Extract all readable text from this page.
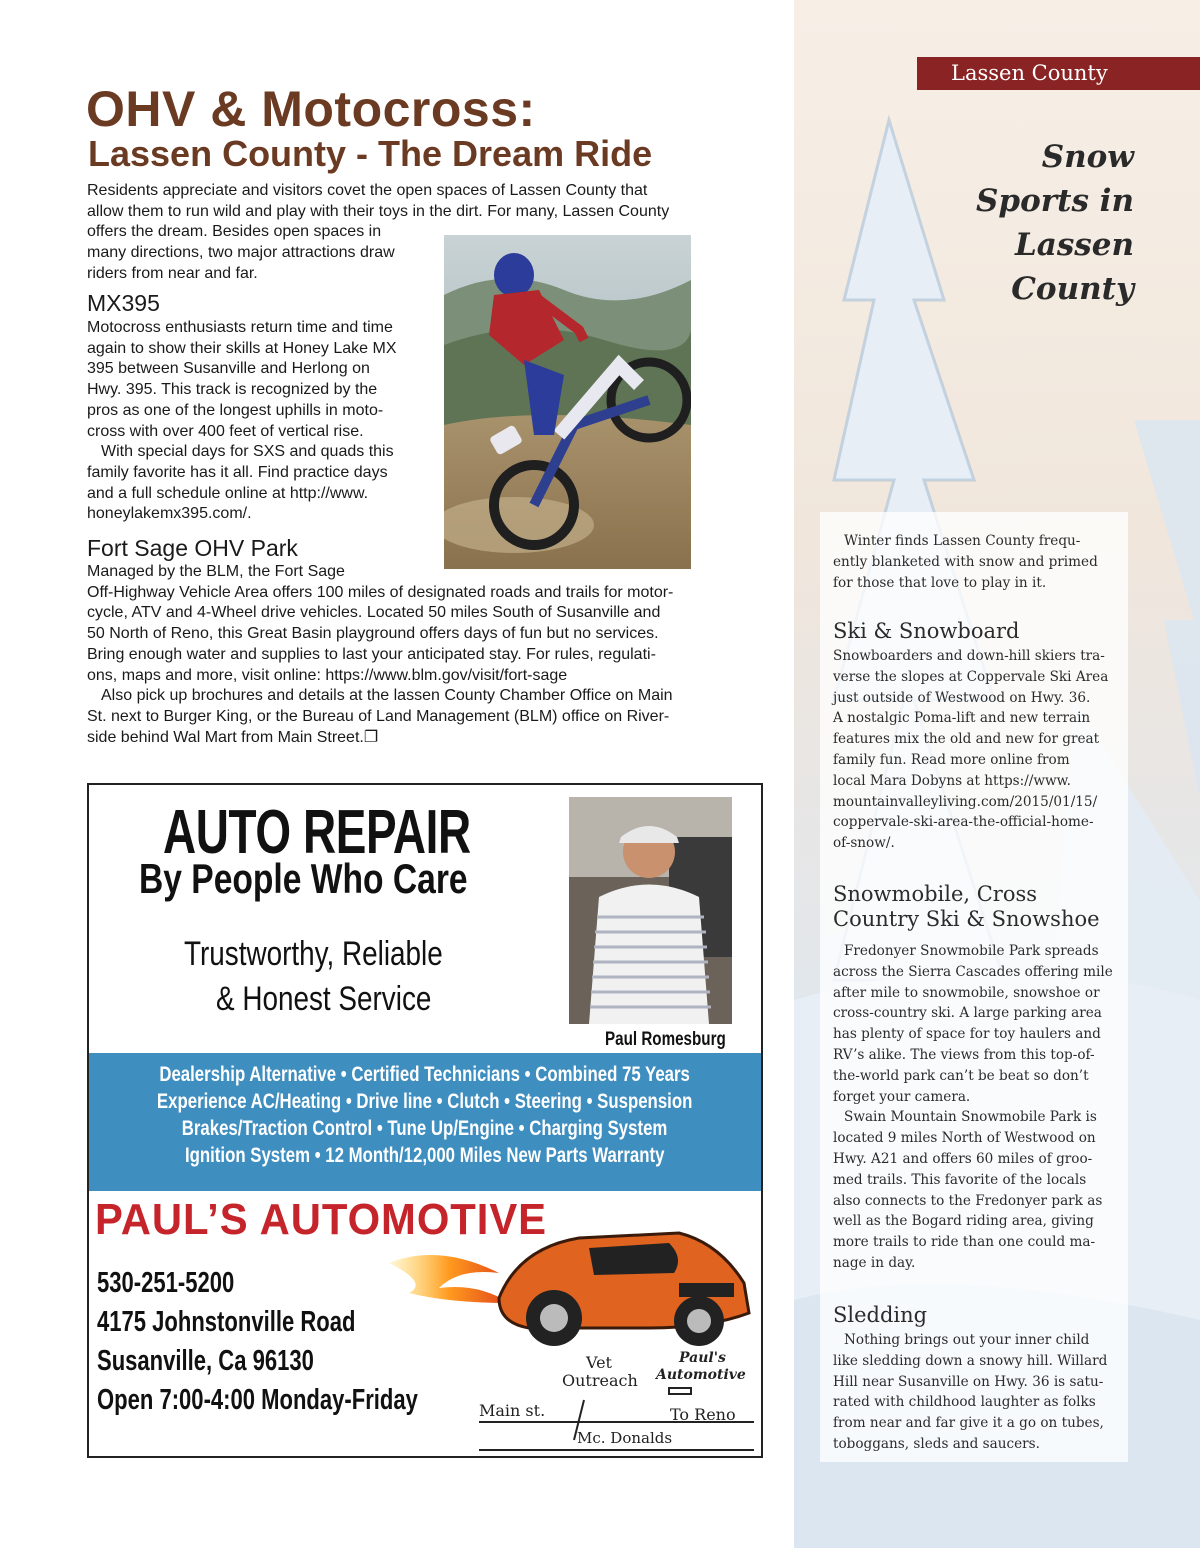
OHV & Motocross:
Lassen County - The Dream Ride

Residents appreciate and visitors covet the open spaces of Lassen County that

allow them to run wild and play with their toys in the dirt. For many, Lassen County

offers the dream. Besides open spaces in

many directions, two major attractions draw

riders from near and far.

MX395

Motocross enthusiasts return time and time

again to show their skills at Honey Lake MX

395 between Susanville and Herlong on

Hwy. 395. This track is recognized by the

pros as one of the longest uphills in moto-

cross with over 400 feet of vertical rise.

With special days for SXS and quads this

family favorite has it all. Find practice days

and a full schedule online at http://www.

honeylakemx395.com/.

Fort Sage OHV Park

Managed by the BLM, the Fort Sage

Off-Highway Vehicle Area offers 100 miles of designated roads and trails for motor-

cycle, ATV and 4-Wheel drive vehicles. Located 50 miles South of Susanville and

50 North of Reno, this Great Basin playground offers days of fun but no services.

Bring enough water and supplies to last your anticipated stay. For rules, regulati-

ons, maps and more, visit online: https://www.blm.gov/visit/fort-sage

Also pick up brochures and details at the lassen County Chamber Office on Main

St. next to Burger King, or the Bureau of Land Management (BLM) office on River-

side behind Wal Mart from Main Street.❐

AUTO REPAIR
By People Who Care
Trustworthy, Reliable
& Honest Service
Paul Romesburg
Dealership Alternative • Certified Technicians • Combined 75 Years
Experience AC/Heating • Drive line • Clutch • Steering • Suspension
Brakes/Traction Control • Tune Up/Engine • Charging System
Ignition System • 12 Month/12,000 Miles New Parts Warranty
PAUL’S AUTOMOTIVE
530-251-5200
4175 Johnstonville Road
Susanville, Ca 96130
Open 7:00-4:00 Monday-Friday
Vet
Outreach
Paul's
Automotive
Main st.	To Reno
Mc. Donalds
Lassen County
Snow
Sports in
Lassen
County

Winter finds Lassen County frequ-

ently blanketed with snow and primed

for those that love to play in it.

Ski & Snowboard

Snowboarders and down-hill skiers tra-

verse the slopes at Coppervale Ski Area

just outside of Westwood on Hwy. 36.

A nostalgic Poma-lift and new terrain

features mix the old and new for great

family fun. Read more online from

local Mara Dobyns at https://www.

mountainvalleyliving.com/2015/01/15/

coppervale-ski-area-the-official-home-

of-snow/.

Snowmobile, Cross
Country Ski & Snowshoe

Fredonyer Snowmobile Park spreads

across the Sierra Cascades offering mile

after mile to snowmobile, snowshoe or

cross-country ski. A large parking area

has plenty of space for toy haulers and

RV’s alike. The views from this top-of-

the-world park can’t be beat so don’t

forget your camera.

Swain Mountain Snowmobile Park is

located 9 miles North of Westwood on

Hwy. A21 and offers 60 miles of groo-

med trails. This favorite of the locals

also connects to the Fredonyer park as

well as the Bogard riding area, giving

more trails to ride than one could ma-

nage in day.

Sledding

Nothing brings out your inner child

like sledding down a snowy hill. Willard

Hill near Susanville on Hwy. 36 is satu-

rated with childhood laughter as folks

from near and far give it a go on tubes,

toboggans, sleds and saucers.
